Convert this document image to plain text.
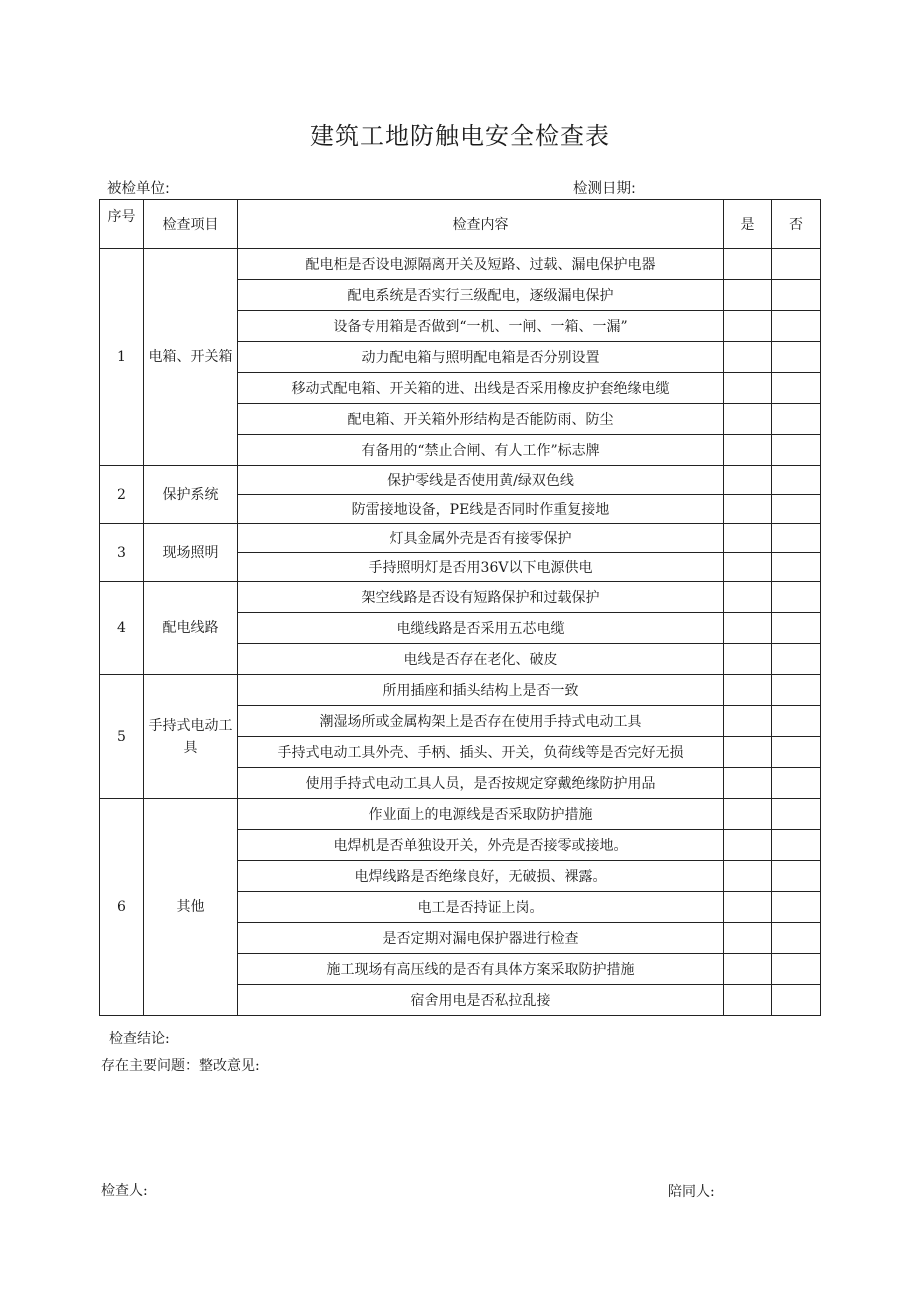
建筑工地防触电安全检查表
被检单位:	检测日期:
序号	检查项目	检查内容	是	否
1	电箱、开关箱	配电柜是否设电源隔离开关及短路、过载、漏电保护电器		
		配电系统是否实行三级配电，逐级漏电保护		
		设备专用箱是否做到“一机、一闸、一箱、一漏”		
		动力配电箱与照明配电箱是否分别设置		
		移动式配电箱、开关箱的进、出线是否采用橡皮护套绝缘电缆		
		配电箱、开关箱外形结构是否能防雨、防尘		
		有备用的“禁止合闸、有人工作”标志牌		
2	保护系统	保护零线是否使用黄/绿双色线		
		防雷接地设备，PE线是否同时作重复接地		
3	现场照明	灯具金属外壳是否有接零保护		
		手持照明灯是否用36V以下电源供电		
4	配电线路	架空线路是否设有短路保护和过载保护		
		电缆线路是否采用五芯电缆		
		电线是否存在老化、破皮		
5	手持式电动工具	所用插座和插头结构上是否一致		
		潮湿场所或金属构架上是否存在使用手持式电动工具		
		手持式电动工具外壳、手柄、插头、开关，负荷线等是否完好无损		
		使用手持式电动工具人员，是否按规定穿戴绝缘防护用品		
6	其他	作业面上的电源线是否采取防护措施		
		电焊机是否单独设开关，外壳是否接零或接地。		
		电焊线路是否绝缘良好，无破损、裸露。		
		电工是否持证上岗。		
		是否定期对漏电保护器进行检查		
		施工现场有高压线的是否有具体方案采取防护措施		
		宿舍用电是否私拉乱接		
检查结论:
存在主要问题：整改意见:
检查人:	陪同人:
